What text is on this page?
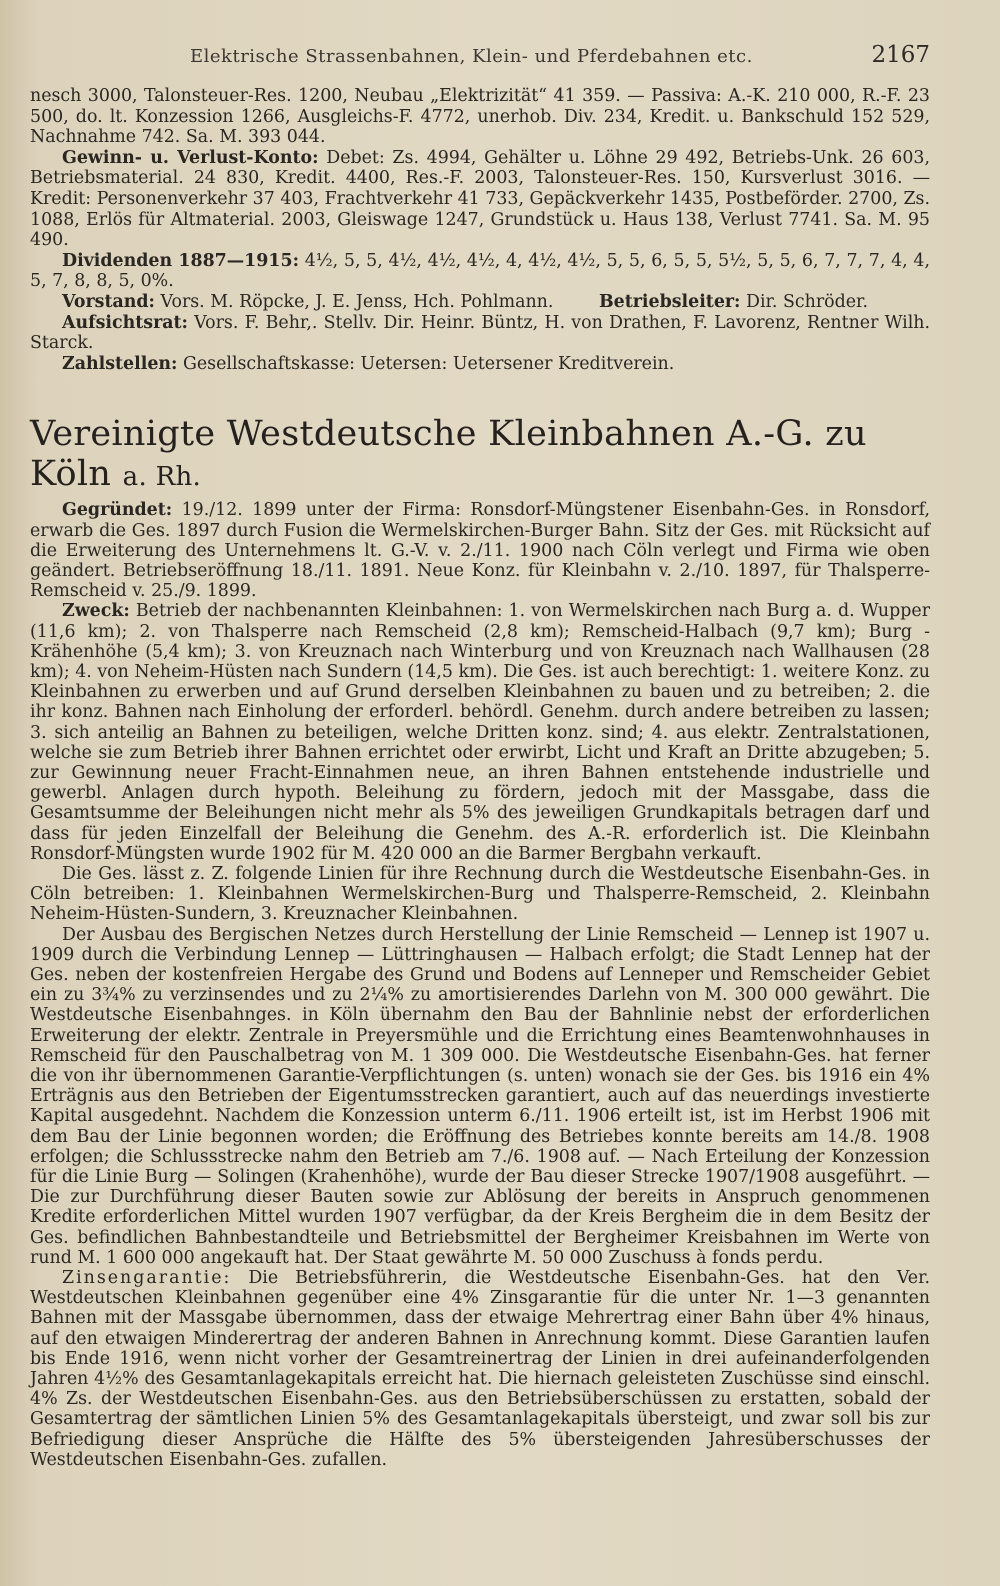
Elektrische Strassenbahnen, Klein- und Pferdebahnen etc.	2167

nesch 3000, Talonsteuer-Res. 1200, Neubau „Elektrizität“ 41 359. — Passiva: A.-K. 210 000, R.-F. 23 500, do. lt. Konzession 1266, Ausgleichs-F. 4772, unerhob. Div. 234, Kredit. u. Bankschuld 152 529, Nachnahme 742. Sa. M. 393 044.

Gewinn- u. Verlust-Konto: Debet: Zs. 4994, Gehälter u. Löhne 29 492, Betriebs-Unk. 26 603, Betriebsmaterial. 24 830, Kredit. 4400, Res.-F. 2003, Talonsteuer-Res. 150, Kursverlust 3016. — Kredit: Personenverkehr 37 403, Frachtverkehr 41 733, Gepäckverkehr 1435, Postbeförder. 2700, Zs. 1088, Erlös für Altmaterial. 2003, Gleiswage 1247, Grundstück u. Haus 138, Verlust 7741. Sa. M. 95 490.

Dividenden 1887—1915: 4½, 5, 5, 4½, 4½, 4½, 4, 4½, 4½, 5, 5, 6, 5, 5, 5½, 5, 5, 6, 7, 7, 7, 4, 4, 5, 7, 8, 8, 5, 0%.

Vorstand: Vors. M. Röpcke, J. E. Jenss, Hch. Pohlmann.	Betriebsleiter: Dir. Schröder.

Aufsichtsrat: Vors. F. Behr,. Stellv. Dir. Heinr. Büntz, H. von Drathen, F. Lavorenz, Rentner Wilh. Starck.

Zahlstellen: Gesellschaftskasse: Uetersen: Uetersener Kreditverein.

Vereinigte Westdeutsche Kleinbahnen A.-G. zu Köln a. Rh.

Gegründet: 19./12. 1899 unter der Firma: Ronsdorf-Müngstener Eisenbahn-Ges. in Ronsdorf, erwarb die Ges. 1897 durch Fusion die Wermelskirchen-Burger Bahn. Sitz der Ges. mit Rücksicht auf die Erweiterung des Unternehmens lt. G.-V. v. 2./11. 1900 nach Cöln verlegt und Firma wie oben geändert. Betriebseröffnung 18./11. 1891. Neue Konz. für Kleinbahn v. 2./10. 1897, für Thalsperre-Remscheid v. 25./9. 1899.

Zweck: Betrieb der nachbenannten Kleinbahnen: 1. von Wermelskirchen nach Burg a. d. Wupper (11,6 km); 2. von Thalsperre nach Remscheid (2,8 km); Remscheid-Halbach (9,7 km); Burg - Krähenhöhe (5,4 km); 3. von Kreuznach nach Winterburg und von Kreuznach nach Wallhausen (28 km); 4. von Neheim-Hüsten nach Sundern (14,5 km). Die Ges. ist auch berechtigt: 1. weitere Konz. zu Kleinbahnen zu erwerben und auf Grund derselben Kleinbahnen zu bauen und zu betreiben; 2. die ihr konz. Bahnen nach Einholung der erforderl. behördl. Genehm. durch andere betreiben zu lassen; 3. sich anteilig an Bahnen zu beteiligen, welche Dritten konz. sind; 4. aus elektr. Zentralstationen, welche sie zum Betrieb ihrer Bahnen errichtet oder erwirbt, Licht und Kraft an Dritte abzugeben; 5. zur Gewinnung neuer Fracht-Einnahmen neue, an ihren Bahnen entstehende industrielle und gewerbl. Anlagen durch hypoth. Beleihung zu fördern, jedoch mit der Massgabe, dass die Gesamtsumme der Beleihungen nicht mehr als 5% des jeweiligen Grundkapitals betragen darf und dass für jeden Einzelfall der Beleihung die Genehm. des A.-R. erforderlich ist. Die Kleinbahn Ronsdorf-Müngsten wurde 1902 für M. 420 000 an die Barmer Bergbahn verkauft.

Die Ges. lässt z. Z. folgende Linien für ihre Rechnung durch die Westdeutsche Eisenbahn-Ges. in Cöln betreiben: 1. Kleinbahnen Wermelskirchen-Burg und Thalsperre-Remscheid, 2. Kleinbahn Neheim-Hüsten-Sundern, 3. Kreuznacher Kleinbahnen.

Der Ausbau des Bergischen Netzes durch Herstellung der Linie Remscheid — Lennep ist 1907 u. 1909 durch die Verbindung Lennep — Lüttringhausen — Halbach erfolgt; die Stadt Lennep hat der Ges. neben der kostenfreien Hergabe des Grund und Bodens auf Lenneper und Remscheider Gebiet ein zu 3¾% zu verzinsendes und zu 2¼% zu amortisierendes Darlehn von M. 300 000 gewährt. Die Westdeutsche Eisenbahnges. in Köln übernahm den Bau der Bahnlinie nebst der erforderlichen Erweiterung der elektr. Zentrale in Preyersmühle und die Errichtung eines Beamtenwohnhauses in Remscheid für den Pauschalbetrag von M. 1 309 000. Die Westdeutsche Eisenbahn-Ges. hat ferner die von ihr übernommenen Garantie-Verpflichtungen (s. unten) wonach sie der Ges. bis 1916 ein 4% Erträgnis aus den Betrieben der Eigentumsstrecken garantiert, auch auf das neuerdings investierte Kapital ausgedehnt. Nachdem die Konzession unterm 6./11. 1906 erteilt ist, ist im Herbst 1906 mit dem Bau der Linie begonnen worden; die Eröffnung des Betriebes konnte bereits am 14./8. 1908 erfolgen; die Schlussstrecke nahm den Betrieb am 7./6. 1908 auf. — Nach Erteilung der Konzession für die Linie Burg — Solingen (Krahenhöhe), wurde der Bau dieser Strecke 1907/1908 ausgeführt. — Die zur Durchführung dieser Bauten sowie zur Ablösung der bereits in Anspruch genommenen Kredite erforderlichen Mittel wurden 1907 verfügbar, da der Kreis Bergheim die in dem Besitz der Ges. befindlichen Bahnbestandteile und Betriebsmittel der Bergheimer Kreisbahnen im Werte von rund M. 1 600 000 angekauft hat. Der Staat gewährte M. 50 000 Zuschuss à fonds perdu.

Zinsengarantie: Die Betriebsführerin, die Westdeutsche Eisenbahn-Ges. hat den Ver. Westdeutschen Kleinbahnen gegenüber eine 4% Zinsgarantie für die unter Nr. 1—3 genannten Bahnen mit der Massgabe übernommen, dass der etwaige Mehrertrag einer Bahn über 4% hinaus, auf den etwaigen Minderertrag der anderen Bahnen in Anrechnung kommt. Diese Garantien laufen bis Ende 1916, wenn nicht vorher der Gesamtreinertrag der Linien in drei aufeinanderfolgenden Jahren 4½% des Gesamtanlagekapitals erreicht hat. Die hiernach geleisteten Zuschüsse sind einschl. 4% Zs. der Westdeutschen Eisenbahn-Ges. aus den Betriebsüberschüssen zu erstatten, sobald der Gesamtertrag der sämtlichen Linien 5% des Gesamtanlagekapitals übersteigt, und zwar soll bis zur Befriedigung dieser Ansprüche die Hälfte des 5% übersteigenden Jahresüberschusses der Westdeutschen Eisenbahn-Ges. zufallen.
